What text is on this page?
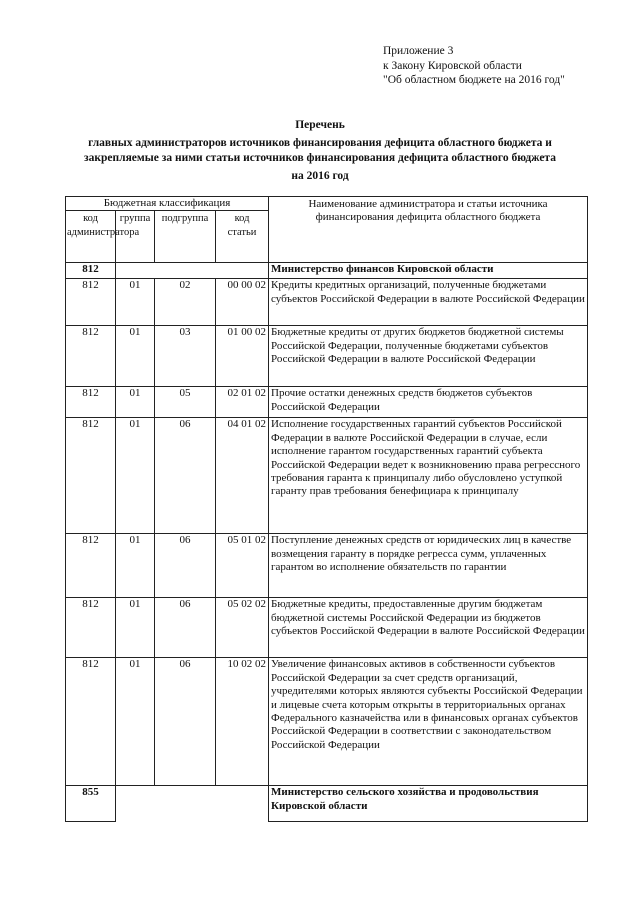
Приложение 3
к Закону Кировской области
"Об областном бюджете на 2016 год"
Перечень
главных администраторов источников финансирования дефицита областного бюджета и
закрепляемые за ними статьи источников финансирования дефицита областного бюджета
на 2016 год
Бюджетная классификация				Наименование администратора и статьи источника финансирования дефицита областного бюджета
код администратора	группа	подгруппа	код статьи	
812				Министерство финансов Кировской области
812	01	02	00 00 02	Кредиты кредитных организаций, полученные бюджетами субъектов Российской Федерации в валюте Российской Федерации
812	01	03	01 00 02	Бюджетные кредиты от других бюджетов бюджетной системы Российской Федерации, полученные бюджетами субъектов Российской Федерации в валюте Российской Федерации
812	01	05	02 01 02	Прочие остатки денежных средств бюджетов субъектов Российской Федерации
812	01	06	04 01 02	Исполнение государственных гарантий субъектов Российской Федерации в валюте Российской Федерации в случае, если исполнение гарантом государственных гарантий субъекта Российской Федерации ведет к возникновению права регрессного требования гаранта к принципалу либо обусловлено уступкой гаранту прав требования бенефициара к принципалу
812	01	06	05 01 02	Поступление денежных средств от юридических лиц в качестве возмещения гаранту в порядке регресса сумм, уплаченных гарантом во исполнение обязательств по гарантии
812	01	06	05 02 02	Бюджетные кредиты, предоставленные другим бюджетам бюджетной системы Российской Федерации из бюджетов субъектов Российской Федерации в валюте Российской Федерации
812	01	06	10 02 02	Увеличение финансовых активов в собственности субъектов Российской Федерации за счет средств организаций, учредителями которых являются субъекты Российской Федерации и лицевые счета которым открыты в территориальных органах Федерального казначейства или в финансовых органах субъектов Российской Федерации в соответствии с законодательством Российской Федерации
855				Министерство сельского хозяйства и продовольствия Кировской области
